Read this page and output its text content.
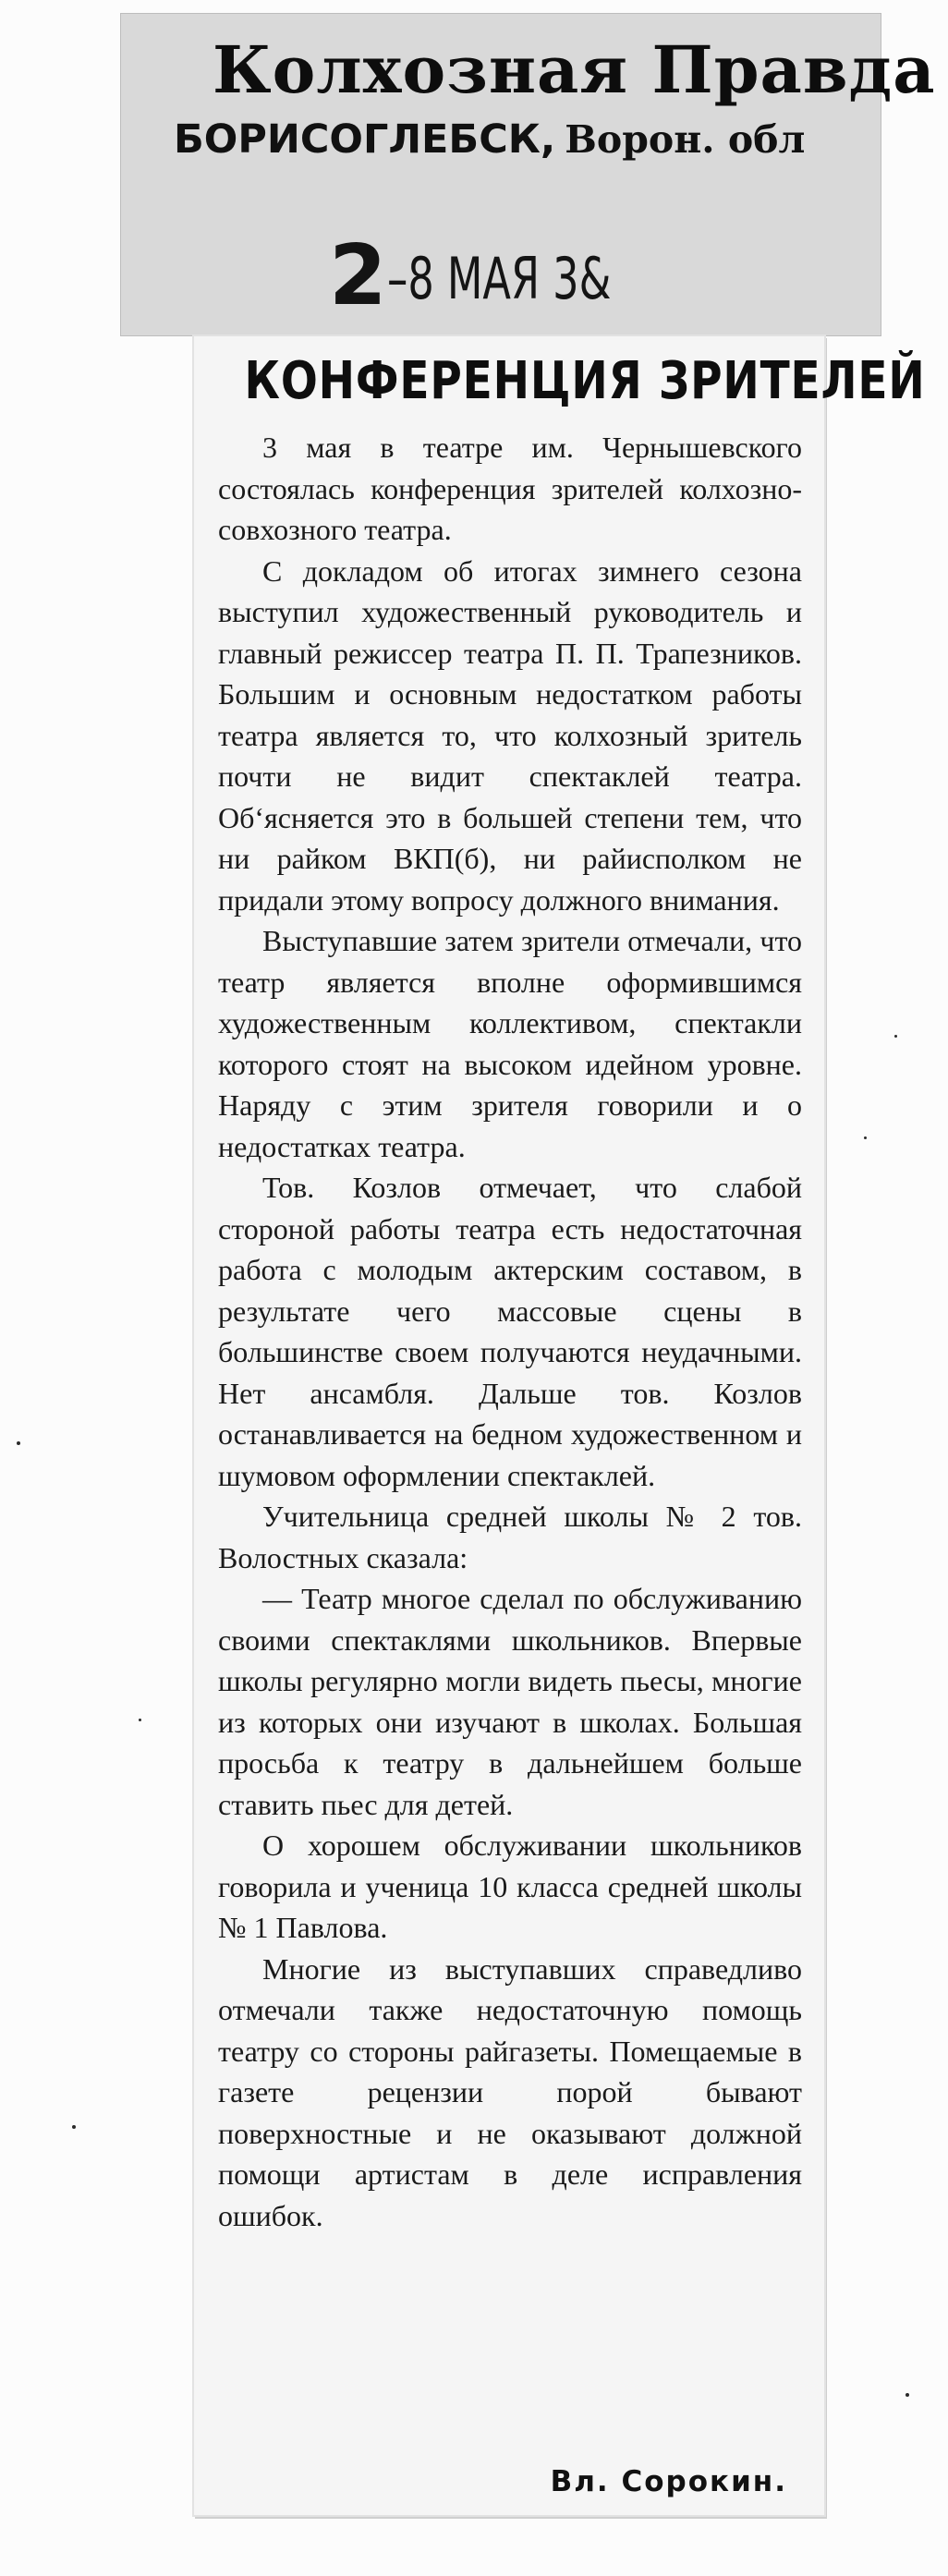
Колхозная Правда
БОРИСОГЛЕБСК, Ворон. обл
2–8 МАЯ 3&
КОНФЕРЕНЦИЯ ЗРИТЕЛЕЙ

3 мая в театре им. Чернышевского состоялась конференция зрителей колхозно-совхозного театра.

С докладом об итогах зимнего сезона выступил художественный руководитель и главный режиссер театра П. П. Трапезников. Большим и основным недостатком работы театра является то, что колхозный зритель почти не видит спектаклей театра. Об‘ясняется это в большей степени тем, что ни райком ВКП(б), ни райисполком не придали этому вопросу должного внимания.

Выступавшие затем зрители отмечали, что театр является вполне оформившимся художественным коллективом, спектакли которого стоят на высоком идейном уровне. Наряду с этим зрителя говорили и о недостатках театра.

Тов. Козлов отмечает, что слабой стороной работы театра есть недостаточная работа с молодым актерским составом, в результате чего массовые сцены в большинстве своем получаются неудачными. Нет ансамбля. Дальше тов. Козлов останавливается на бедном художественном и шумовом оформлении спектаклей.

Учительница средней школы № 2 тов. Волостных сказала:

— Театр многое сделал по обслуживанию своими спектаклями школьников. Впервые школы регулярно могли видеть пьесы, многие из которых они изучают в школах. Большая просьба к театру в дальнейшем больше ставить пьес для детей.

О хорошем обслуживании школьников говорила и ученица 10 класса средней школы № 1 Павлова.

Многие из выступавших справедливо отмечали также недостаточную помощь театру со стороны райгазеты. Помещаемые в газете рецензии порой бывают поверхностные и не оказывают должной помощи артистам в деле исправления ошибок.

Вл. Сорокин.
